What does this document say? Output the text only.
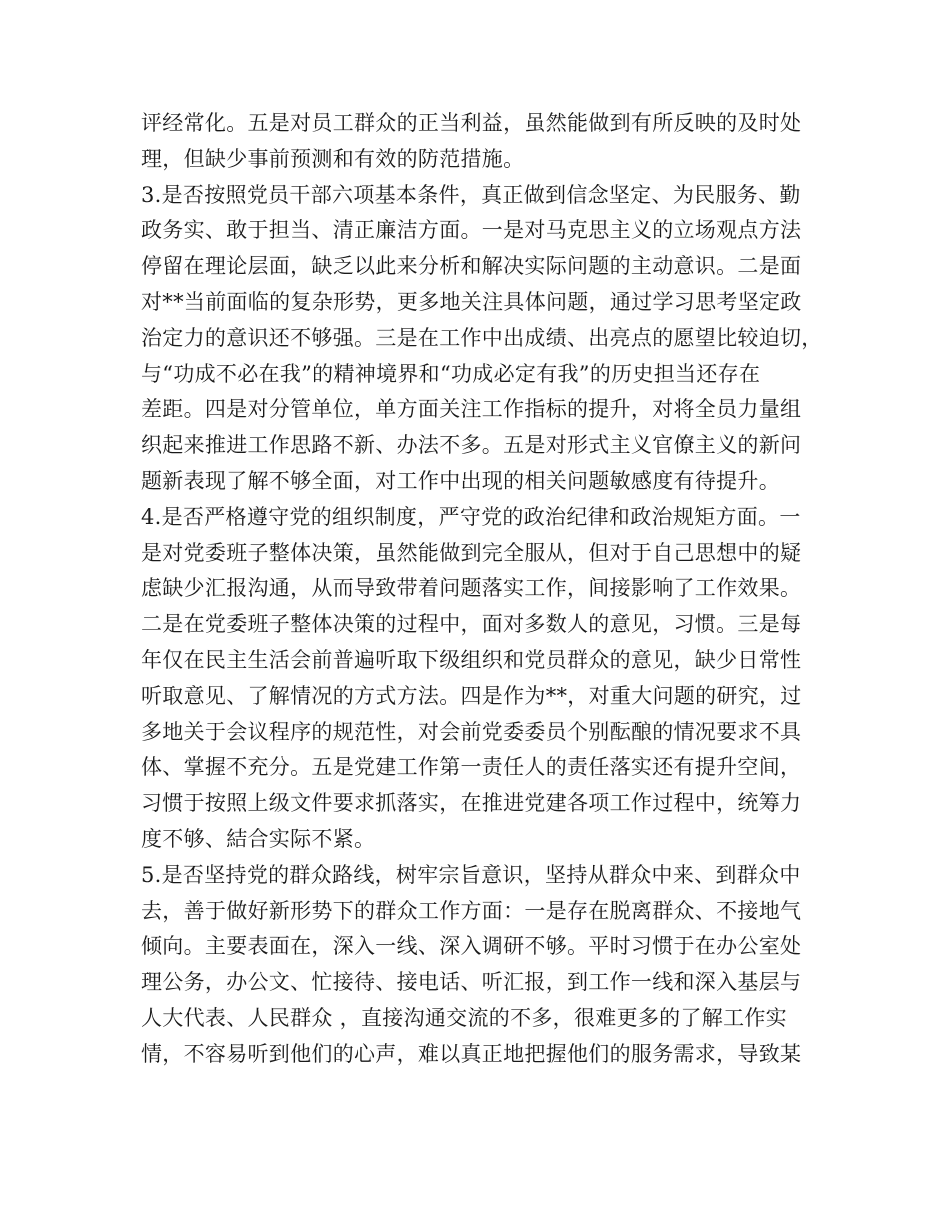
评经常化。五是对员工群众的正当利益，虽然能做到有所反映的及时处
理，但缺少事前预测和有效的防范措施。
3.是否按照党员干部六项基本条件，真正做到信念坚定、为民服务、勤
政务实、敢于担当、清正廉洁方面。一是对马克思主义的立场观点方法
停留在理论层面，缺乏以此来分析和解决实际问题的主动意识。二是面
对**当前面临的复杂形势，更多地关注具体问题，通过学习思考坚定政
治定力的意识还不够强。三是在工作中出成绩、出亮点的愿望比较迫切，
与“功成不必在我”的精神境界和“功成必定有我”的历史担当还存在
差距。四是对分管单位，单方面关注工作指标的提升，对将全员力量组
织起来推进工作思路不新、办法不多。五是对形式主义官僚主义的新问
题新表现了解不够全面，对工作中出现的相关问题敏感度有待提升。
4.是否严格遵守党的组织制度，严守党的政治纪律和政治规矩方面。一
是对党委班子整体决策，虽然能做到完全服从，但对于自己思想中的疑
虑缺少汇报沟通，从而导致带着问题落实工作，间接影响了工作效果。
二是在党委班子整体决策的过程中，面对多数人的意见，习惯。三是每
年仅在民主生活会前普遍听取下级组织和党员群众的意见，缺少日常性
听取意见、了解情况的方式方法。四是作为**，对重大问题的研究，过
多地关于会议程序的规范性，对会前党委委员个别酝酿的情况要求不具
体、掌握不充分。五是党建工作第一责任人的责任落实还有提升空间，
习惯于按照上级文件要求抓落实，在推进党建各项工作过程中，统筹力
度不够、結合实际不紧。
5.是否坚持党的群众路线，树牢宗旨意识，坚持从群众中来、到群众中
去，善于做好新形势下的群众工作方面：一是存在脱离群众、不接地气
倾向。主要表面在，深入一线、深入调研不够。平时习惯于在办公室处
理公务，办公文、忙接待、接电话、听汇报，到工作一线和深入基层与
人大代表、人民群众 ，直接沟通交流的不多，很难更多的了解工作实
情，不容易听到他们的心声，难以真正地把握他们的服务需求，导致某
